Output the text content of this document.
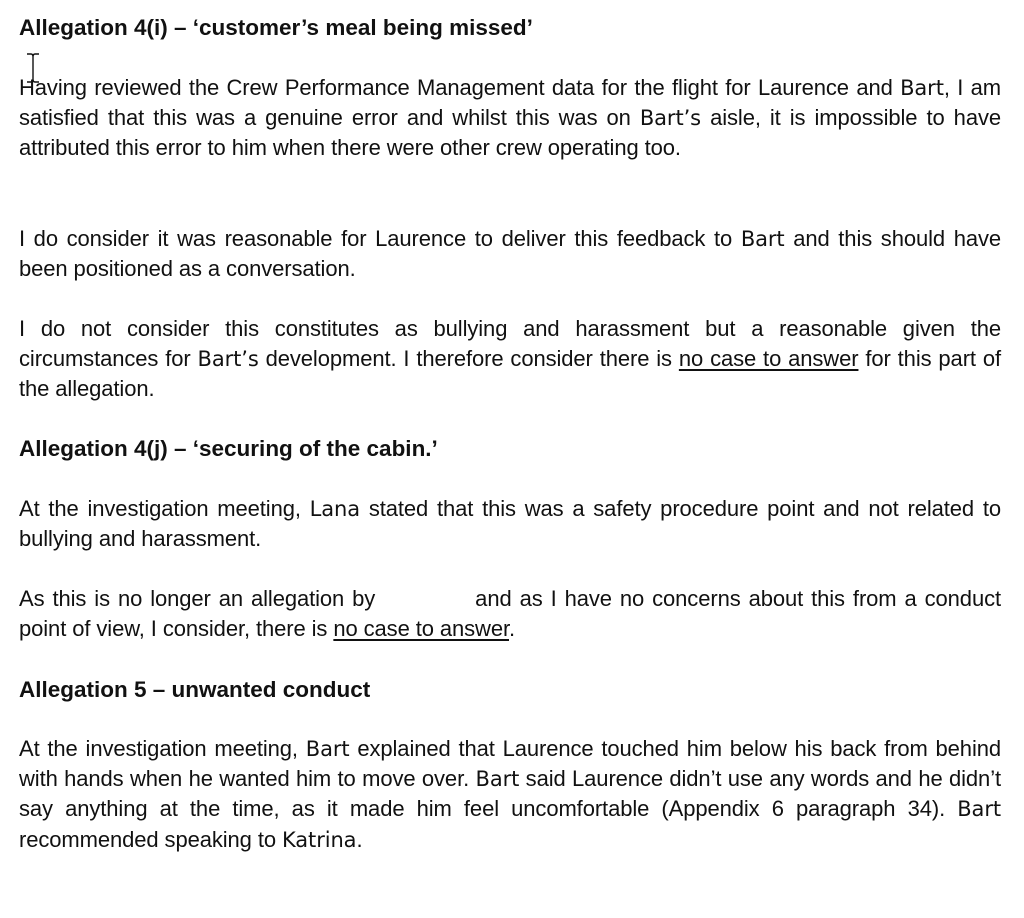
Allegation 4(i) – ‘customer’s meal being missed’
Having reviewed the Crew Performance Management data for the flight for Laurence and Bart, I am satisfied that this was a genuine error and whilst this was on Bart’s aisle, it is impossible to have attributed this error to him when there were other crew operating too.
I do consider it was reasonable for Laurence to deliver this feedback to Bart and this should have been positioned as a conversation.
I do not consider this constitutes as bullying and harassment but a reasonable given the circumstances for Bart’s development. I therefore consider there is no case to answer for this part of the allegation.
Allegation 4(j) – ‘securing of the cabin.’
At the investigation meeting, Lana stated that this was a safety procedure point and not related to bullying and harassment.
As this is no longer an allegation by	and as I have no concerns about this from a conduct point of view, I consider, there is no case to answer.
Allegation 5 – unwanted conduct
At the investigation meeting, Bart explained that Laurence touched him below his back from behind with hands when he wanted him to move over. Bart said Laurence didn’t use any words and he didn’t say anything at the time, as it made him feel uncomfortable (Appendix 6 paragraph 34). Bart recommended speaking to Katrina.
